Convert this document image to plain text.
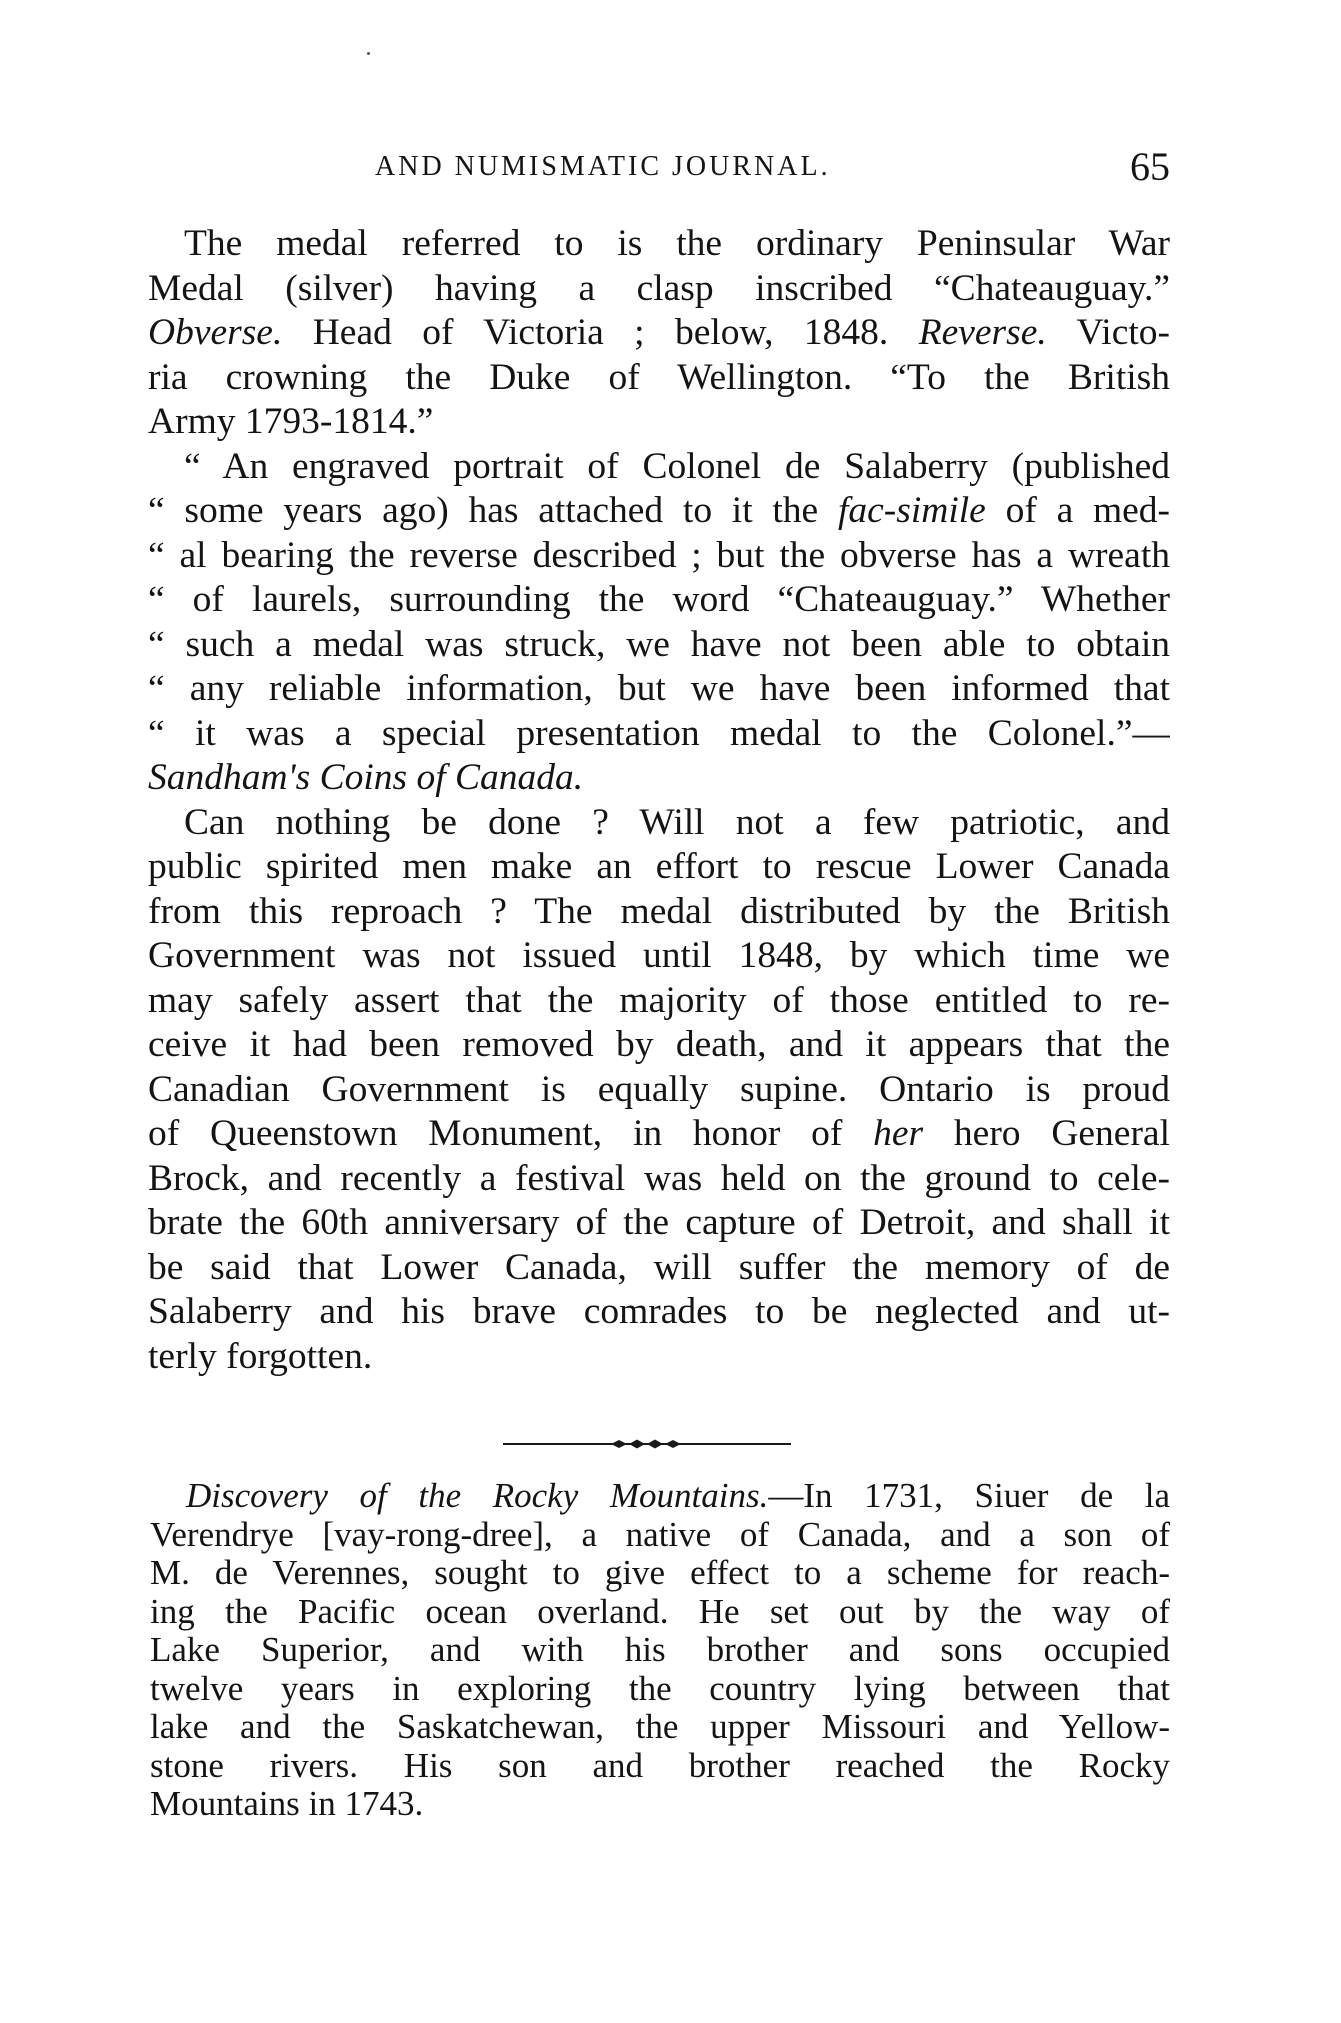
AND NUMISMATIC JOURNAL.	65
The medal referred to is the ordinary Peninsular War
Medal (silver) having a clasp inscribed “Chateauguay.”
Obverse. Head of Victoria ; below, 1848. Reverse. Victo-
ria crowning the Duke of Wellington. “To the British
Army 1793-1814.”
“ An engraved portrait of Colonel de Salaberry (published
“ some years ago) has attached to it the fac-simile of a med-
“ al bearing the reverse described ; but the obverse has a wreath
“ of laurels, surrounding the word “Chateauguay.” Whether
“ such a medal was struck, we have not been able to obtain
“ any reliable information, but we have been informed that
“ it was a special presentation medal to the Colonel.”—
Sandham's Coins of Canada.
Can nothing be done ? Will not a few patriotic, and
public spirited men make an effort to rescue Lower Canada
from this reproach ? The medal distributed by the British
Government was not issued until 1848, by which time we
may safely assert that the majority of those entitled to re-
ceive it had been removed by death, and it appears that the
Canadian Government is equally supine. Ontario is proud
of Queenstown Monument, in honor of her hero General
Brock, and recently a festival was held on the ground to cele-
brate the 60th anniversary of the capture of Detroit, and shall it
be said that Lower Canada, will suffer the memory of de
Salaberry and his brave comrades to be neglected and ut-
terly forgotten.
Discovery of the Rocky Mountains.—In 1731, Siuer de la
Verendrye [vay-rong-dree], a native of Canada, and a son of
M. de Verennes, sought to give effect to a scheme for reach-
ing the Pacific ocean overland. He set out by the way of
Lake Superior, and with his brother and sons occupied
twelve years in exploring the country lying between that
lake and the Saskatchewan, the upper Missouri and Yellow-
stone rivers. His son and brother reached the Rocky
Mountains in 1743.
